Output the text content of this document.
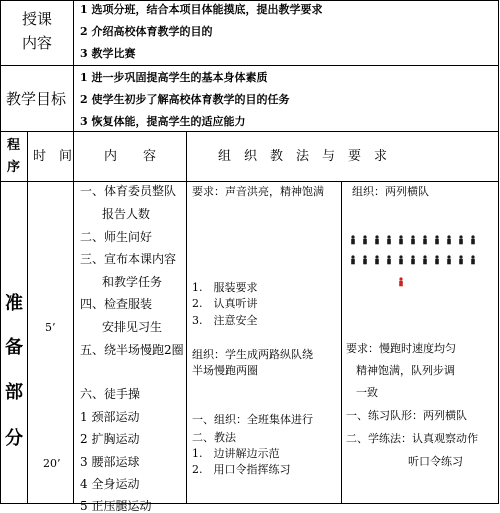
授课
内容
1 选项分班，结合本项目体能摸底，提出教学要求
2 介绍高校体育教学的目的
3 教学比赛
教学目标
1 进一步巩固提高学生的基本身体素质
2 使学生初步了解高校体育教学的目的任务
3 恢复体能，提高学生的适应能力
程
序
时　间 内　　容	组　织　教　法　与　要　求
准
备
部
分
5’
20’
一、体育委员整队
报告人数
二、师生问好
三、宣布本课内容
和教学任务
四、检查服装
安排见习生
五、绕半场慢跑2圈
六、徒手操
1 颈部运动
2 扩胸运动
3 腰部运球
4 全身运动
5 正压腿运动
要求：声音洪亮，精神饱满
1.　服装要求
2.　认真听讲
3.　注意安全
组织：学生成两路纵队绕
半场慢跑两圈
一、组织：全班集体进行
二、教法
1.　边讲解边示范
2.　用口令指挥练习
组织：两列横队
要求：慢跑时速度均匀
精神饱满，队列步调
一致
一、练习队形：两列横队
二、学练法：认真观察动作
听口令练习
